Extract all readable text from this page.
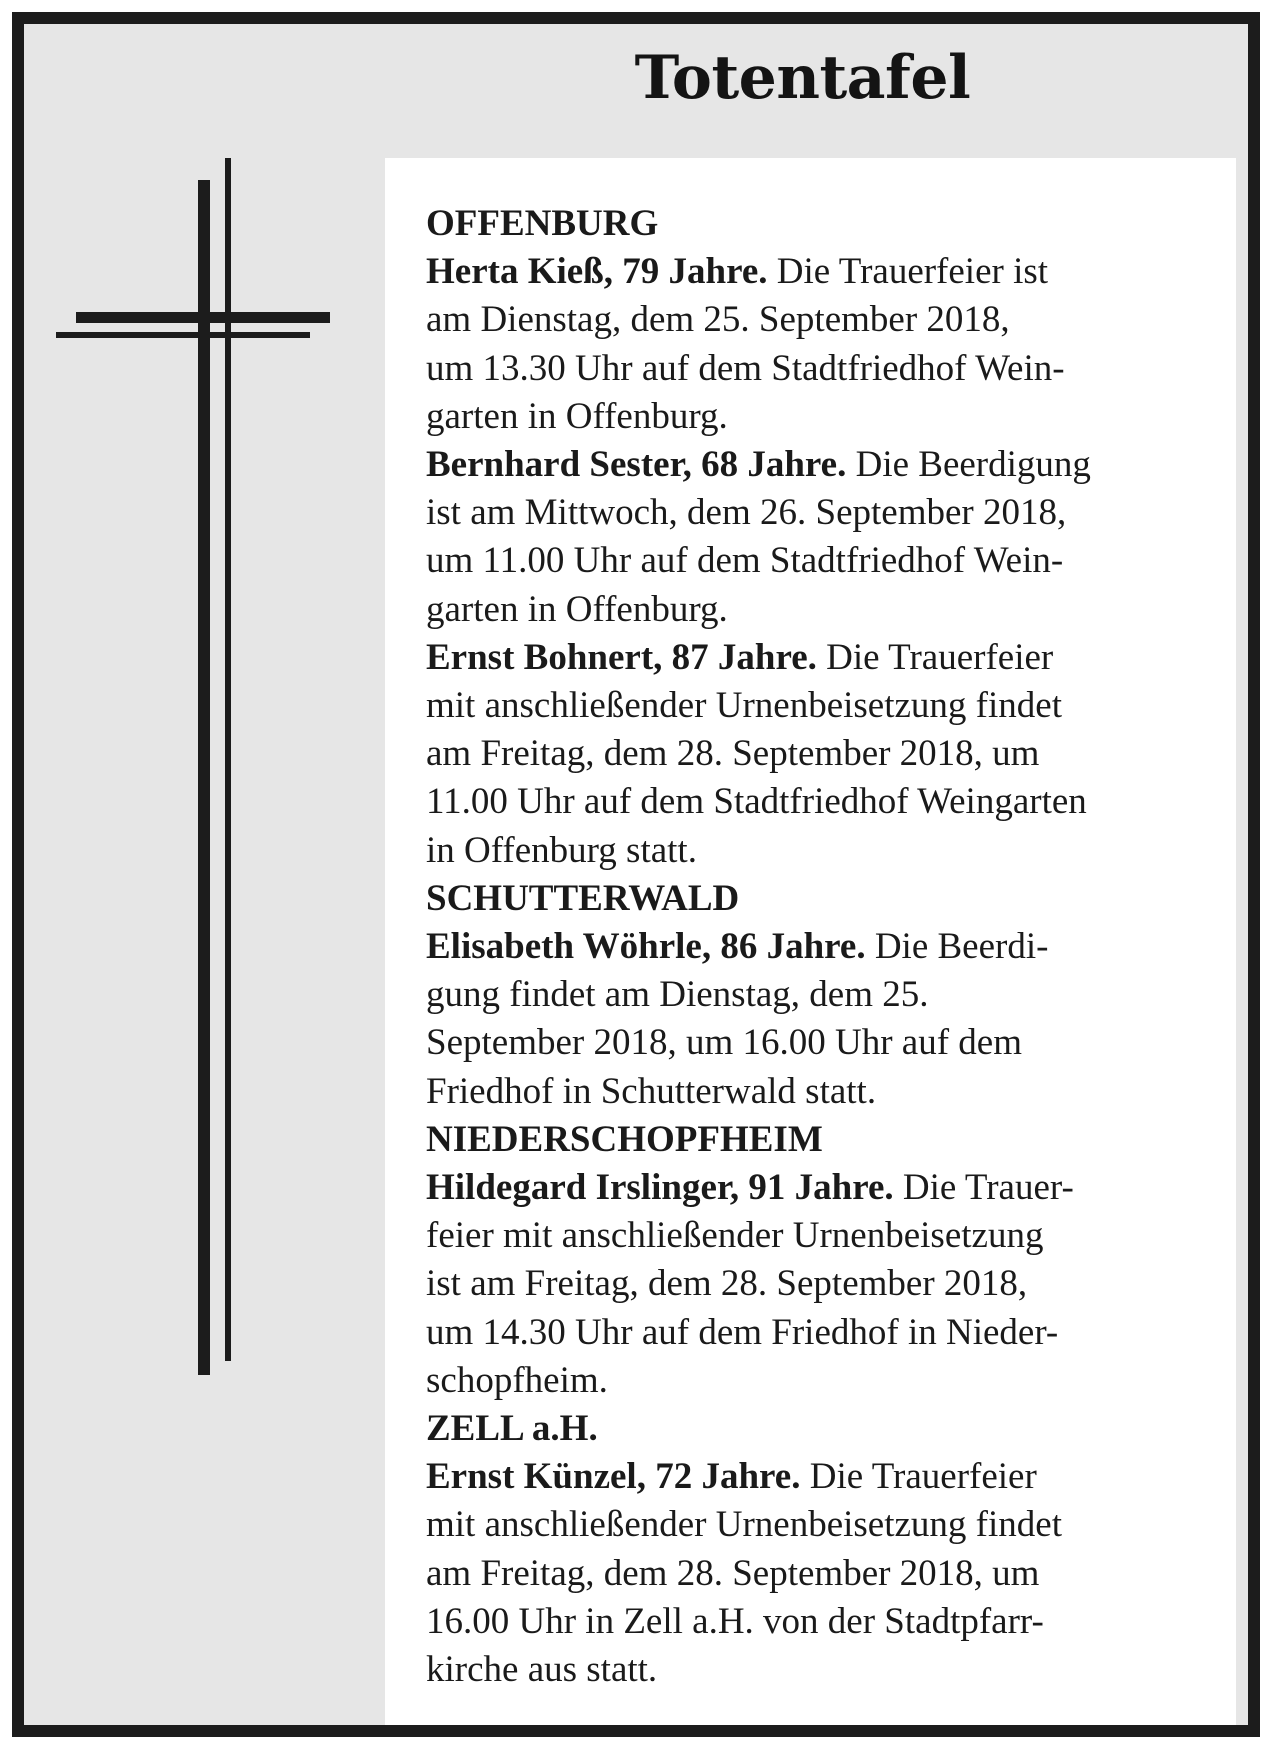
Totentafel

OFFENBURG

Herta Kieß, 79 Jahre. Die Trauerfeier ist

am Dienstag, dem 25. September 2018,

um 13.30 Uhr auf dem Stadtfriedhof Wein-

garten in Offenburg.

Bernhard Sester, 68 Jahre. Die Beerdigung

ist am Mittwoch, dem 26. September 2018,

um 11.00 Uhr auf dem Stadtfriedhof Wein-

garten in Offenburg.

Ernst Bohnert, 87 Jahre. Die Trauerfeier

mit anschließender Urnenbeisetzung findet

am Freitag, dem 28. September 2018, um

11.00 Uhr auf dem Stadtfriedhof Weingarten

in Offenburg statt.

SCHUTTERWALD

Elisabeth Wöhrle, 86 Jahre. Die Beerdi-

gung findet am Dienstag, dem 25.

September 2018, um 16.00 Uhr auf dem

Friedhof in Schutterwald statt.

NIEDERSCHOPFHEIM

Hildegard Irslinger, 91 Jahre. Die Trauer-

feier mit anschließender Urnenbeisetzung

ist am Freitag, dem 28. September 2018,

um 14.30 Uhr auf dem Friedhof in Nieder-

schopfheim.

ZELL a.H.

Ernst Künzel, 72 Jahre. Die Trauerfeier

mit anschließender Urnenbeisetzung findet

am Freitag, dem 28. September 2018, um

16.00 Uhr in Zell a.H. von der Stadtpfarr-

kirche aus statt.
